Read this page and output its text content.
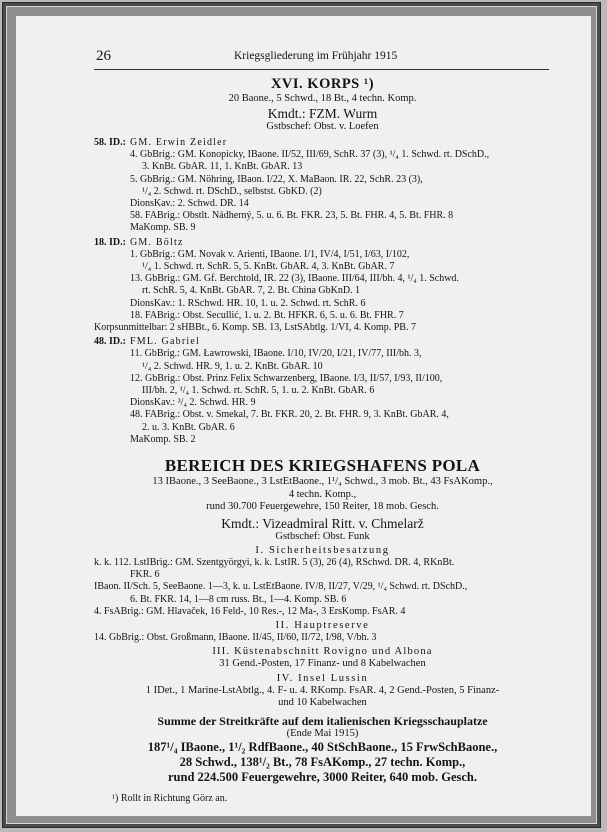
26	Kriegsgliederung im Frühjahr 1915
XVI. KORPS ¹)
20 Baone., 5 Schwd., 18 Bt., 4 techn. Komp.
Kmdt.: FZM. Wurm
Gstbschef: Obst. v. Loefen
58. ID.: GM. Erwin Zeidler
4. GbBrig.: GM. Konopicky, IBaone. II/52, III/69, SchR. 37 (3), ¹/₄ 1. Schwd. rt. DSchD.,
3. KnBt. GbAR. 11, 1. KnBt. GbAR. 13
5. GbBrig.: GM. Nöhring, IBaon. I/22, X. MaBaon. IR. 22, SchR. 23 (3),
¹/₄ 2. Schwd. rt. DSchD., selbstst. GbKD. (2)
DionsKav.: 2. Schwd. DR. 14
58. FABrig.: Obstlt. Nádherný, 5. u. 6. Bt. FKR. 23, 5. Bt. FHR. 4, 5. Bt. FHR. 8
MaKomp. SB. 9
18. ID.: GM. Böltz
1. GbBrig.: GM. Novak v. Arienti, IBaone. I/1, IV/4, I/51, I/63, I/102,
¹/₄ 1. Schwd. rt. SchR. 5, 5. KnBt. GbAR. 4, 3. KnBt. GbAR. 7
13. GbBrig.: GM. Gf. Berchtold, IR. 22 (3), IBaone. III/64, III/bh. 4, ¹/₄ 1. Schwd.
rt. SchR. 5, 4. KnBt. GbAR. 7, 2. Bt. China GbKnD. 1
DionsKav.: 1. RSchwd. HR. 10, 1. u. 2. Schwd. rt. SchR. 6
18. FABrig.: Obst. Secullić, 1. u. 2. Bt. HFKR. 6, 5. u. 6. Bt. FHR. 7
Korpsunmittelbar: 2 sHBBt., 6. Komp. SB. 13, LstSAbtlg. 1/VI, 4. Komp. PB. 7
48. ID.: FML. Gabriel
11. GbBrig.: GM. Ławrowski, IBaone. I/10, IV/20, I/21, IV/77, III/bh. 3,
¹/₄ 2. Schwd. HR. 9, 1. u. 2. KnBt. GbAR. 10
12. GbBrig.: Obst. Prinz Felix Schwarzenberg, IBaone. I/3, II/57, I/93, II/100,
III/bh. 2, ¹/₄ 1. Schwd. rt. SchR. 5, 1. u. 2. KnBt. GbAR. 6
DionsKav.: ³/₄ 2. Schwd. HR. 9
48. FABrig.: Obst. v. Smekal, 7. Bt. FKR. 20, 2. Bt. FHR. 9, 3. KnBt. GbAR. 4,
2. u. 3. KnBt. GbAR. 6
MaKomp. SB. 2
BEREICH DES KRIEGSHAFENS POLA
13 IBaone., 3 SeeBaone., 3 LstEtBaone., 1¹/₄ Schwd., 3 mob. Bt., 43 FsAKomp.,
4 techn. Komp.,
rund 30.700 Feuergewehre, 150 Reiter, 18 mob. Gesch.
Kmdt.: Vizeadmiral Ritt. v. Chmelarž
Gstbschef: Obst. Funk
I. Sicherheitsbesatzung
k. k. 112. LstIBrig.: GM. Szentgyörgyi, k. k. LstIR. 5 (3), 26 (4), RSchwd. DR. 4, RKnBt.
FKR. 6
IBaon. II/Sch. 5, SeeBaone. 1—3, k. u. LstEtBaone. IV/8, II/27, V/29, ¹/₄ Schwd. rt. DSchD.,
6. Bt. FKR. 14, 1—8 cm russ. Bt., 1—4. Komp. SB. 6
4. FsABrig.: GM. Hlavaček, 16 Feld-, 10 Res.-, 12 Ma-, 3 ErsKomp. FsAR. 4
II. Hauptreserve
14. GbBrig.: Obst. Großmann, IBaone. II/45, II/60, II/72, I/98, V/bh. 3
III. Küstenabschnitt Rovigno und Albona
31 Gend.-Posten, 17 Finanz- und 8 Kabelwachen
IV. Insel Lussin
1 IDet., 1 Marine-LstAbtlg., 4. F- u. 4. RKomp. FsAR. 4, 2 Gend.-Posten, 5 Finanz-
und 10 Kabelwachen
Summe der Streitkräfte auf dem italienischen Kriegsschauplatze
(Ende Mai 1915)
187¹/₄ IBaone., 1¹/₂ RdfBaone., 40 StSchBaone., 15 FrwSchBaone.,
28 Schwd., 138¹/₂ Bt., 78 FsAKomp., 27 techn. Komp.,
rund 224.500 Feuergewehre, 3000 Reiter, 640 mob. Gesch.
¹) Rollt in Richtung Görz an.
